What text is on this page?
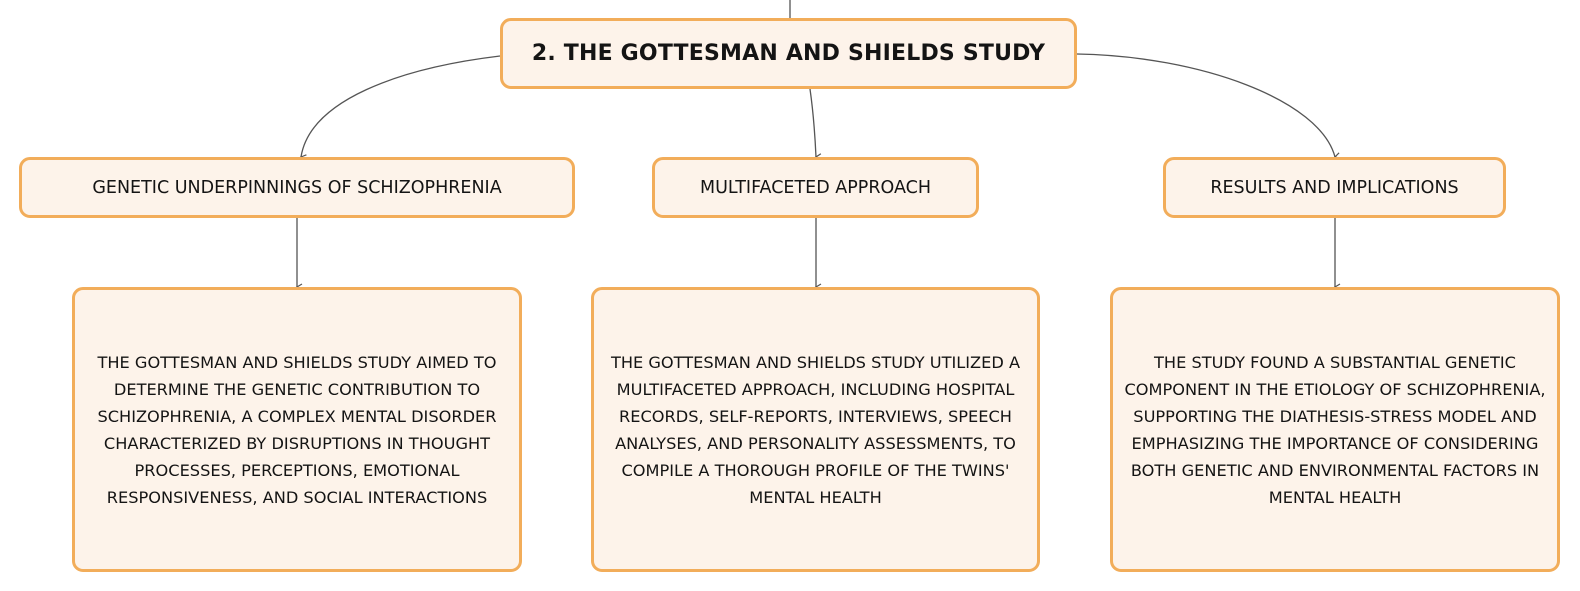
2. THE GOTTESMAN AND SHIELDS STUDY
GENETIC UNDERPINNINGS OF SCHIZOPHRENIA	MULTIFACETED APPROACH	RESULTS AND IMPLICATIONS
THE GOTTESMAN AND SHIELDS STUDY AIMED TO DETERMINE THE GENETIC CONTRIBUTION TO SCHIZOPHRENIA, A COMPLEX MENTAL DISORDER CHARACTERIZED BY DISRUPTIONS IN THOUGHT PROCESSES, PERCEPTIONS, EMOTIONAL RESPONSIVENESS, AND SOCIAL INTERACTIONS
THE GOTTESMAN AND SHIELDS STUDY UTILIZED A MULTIFACETED APPROACH, INCLUDING HOSPITAL RECORDS, SELF-REPORTS, INTERVIEWS, SPEECH ANALYSES, AND PERSONALITY ASSESSMENTS, TO COMPILE A THOROUGH PROFILE OF THE TWINS' MENTAL HEALTH
THE STUDY FOUND A SUBSTANTIAL GENETIC COMPONENT IN THE ETIOLOGY OF SCHIZOPHRENIA, SUPPORTING THE DIATHESIS-STRESS MODEL AND EMPHASIZING THE IMPORTANCE OF CONSIDERING BOTH GENETIC AND ENVIRONMENTAL FACTORS IN MENTAL HEALTH
